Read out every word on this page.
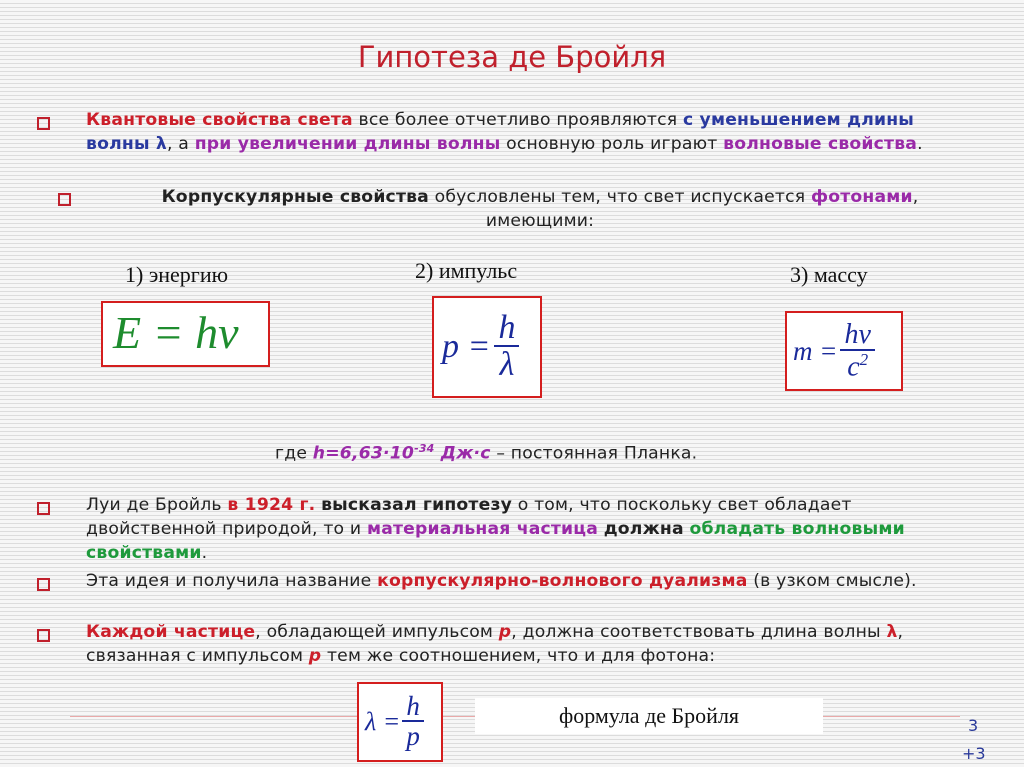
Гипотеза де Бройля
Квантовые свойства света все более отчетливо проявляются с уменьшением длины волны λ, а при увеличении длины волны основную роль играют волновые свойства.
Корпускулярные свойства обусловлены тем, что свет испускается фотонами,
имеющими:
1) энергию	2) импульс	3) массу
E = hν	$p = \frac{h}{\lambda}$	$m = \frac{h\nu}{c^2}$
где $h=6,63\cdot 10^{-34}$ Дж·с – постоянная Планка.
Луи де Бройль в 1924 г. высказал гипотезу о том, что поскольку свет обладает двойственной природой, то и материальная частица должна обладать волновыми свойствами.
Эта идея и получила название корпускулярно-волнового дуализма (в узком смысле).
Каждой частице, обладающей импульсом p, должна соответствовать длина волны λ, связанная с импульсом p тем же соотношением, что и для фотона:
$\lambda = \frac{h}{p}$	формула де Бройля	3
+3
